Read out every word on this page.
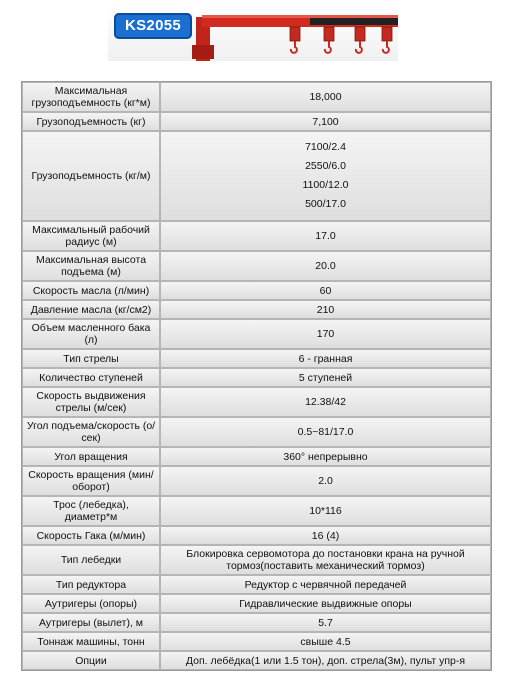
KS2055
Максимальная грузоподъемность (кг*м)	18,000
Грузоподъемность (кг)	7,100
Грузоподъемность (кг/м)	7100/2.4
2550/6.0
1100/12.0
500/17.0

Максимальный рабочий радиус (м)	17.0
Максимальная высота подъема (м)	20.0
Скорость масла (л/мин)	60
Давление масла (кг/см2)	210
Объем масленного бака (л)	170
Тип стрелы	6 - гранная
Количество ступеней	5 ступеней
Скорость выдвижения стрелы (м/сек)	12.38/42
Угол подъема/скорость (о/сек)	0.5~81/17.0
Угол вращения	360° непрерывно
Скорость вращения (мин/оборот)	2.0
Трос (лебедка), диаметр*м	10*116
Скорость Гака (м/мин)	16 (4)
Тип лебедки	Блокировка сервомотора до постановки крана на ручной тормоз(поставить механический тормоз)
Тип редуктора	Редуктор с червячной передачей
Аутригеры (опоры)	Гидравлические выдвижные опоры
Аутригеры (вылет), м	5.7
Тоннаж машины, тонн	свыше 4.5
Опции	Доп. лебёдка(1 или 1.5 тон), доп. стрела(3м), пульт упр-я
